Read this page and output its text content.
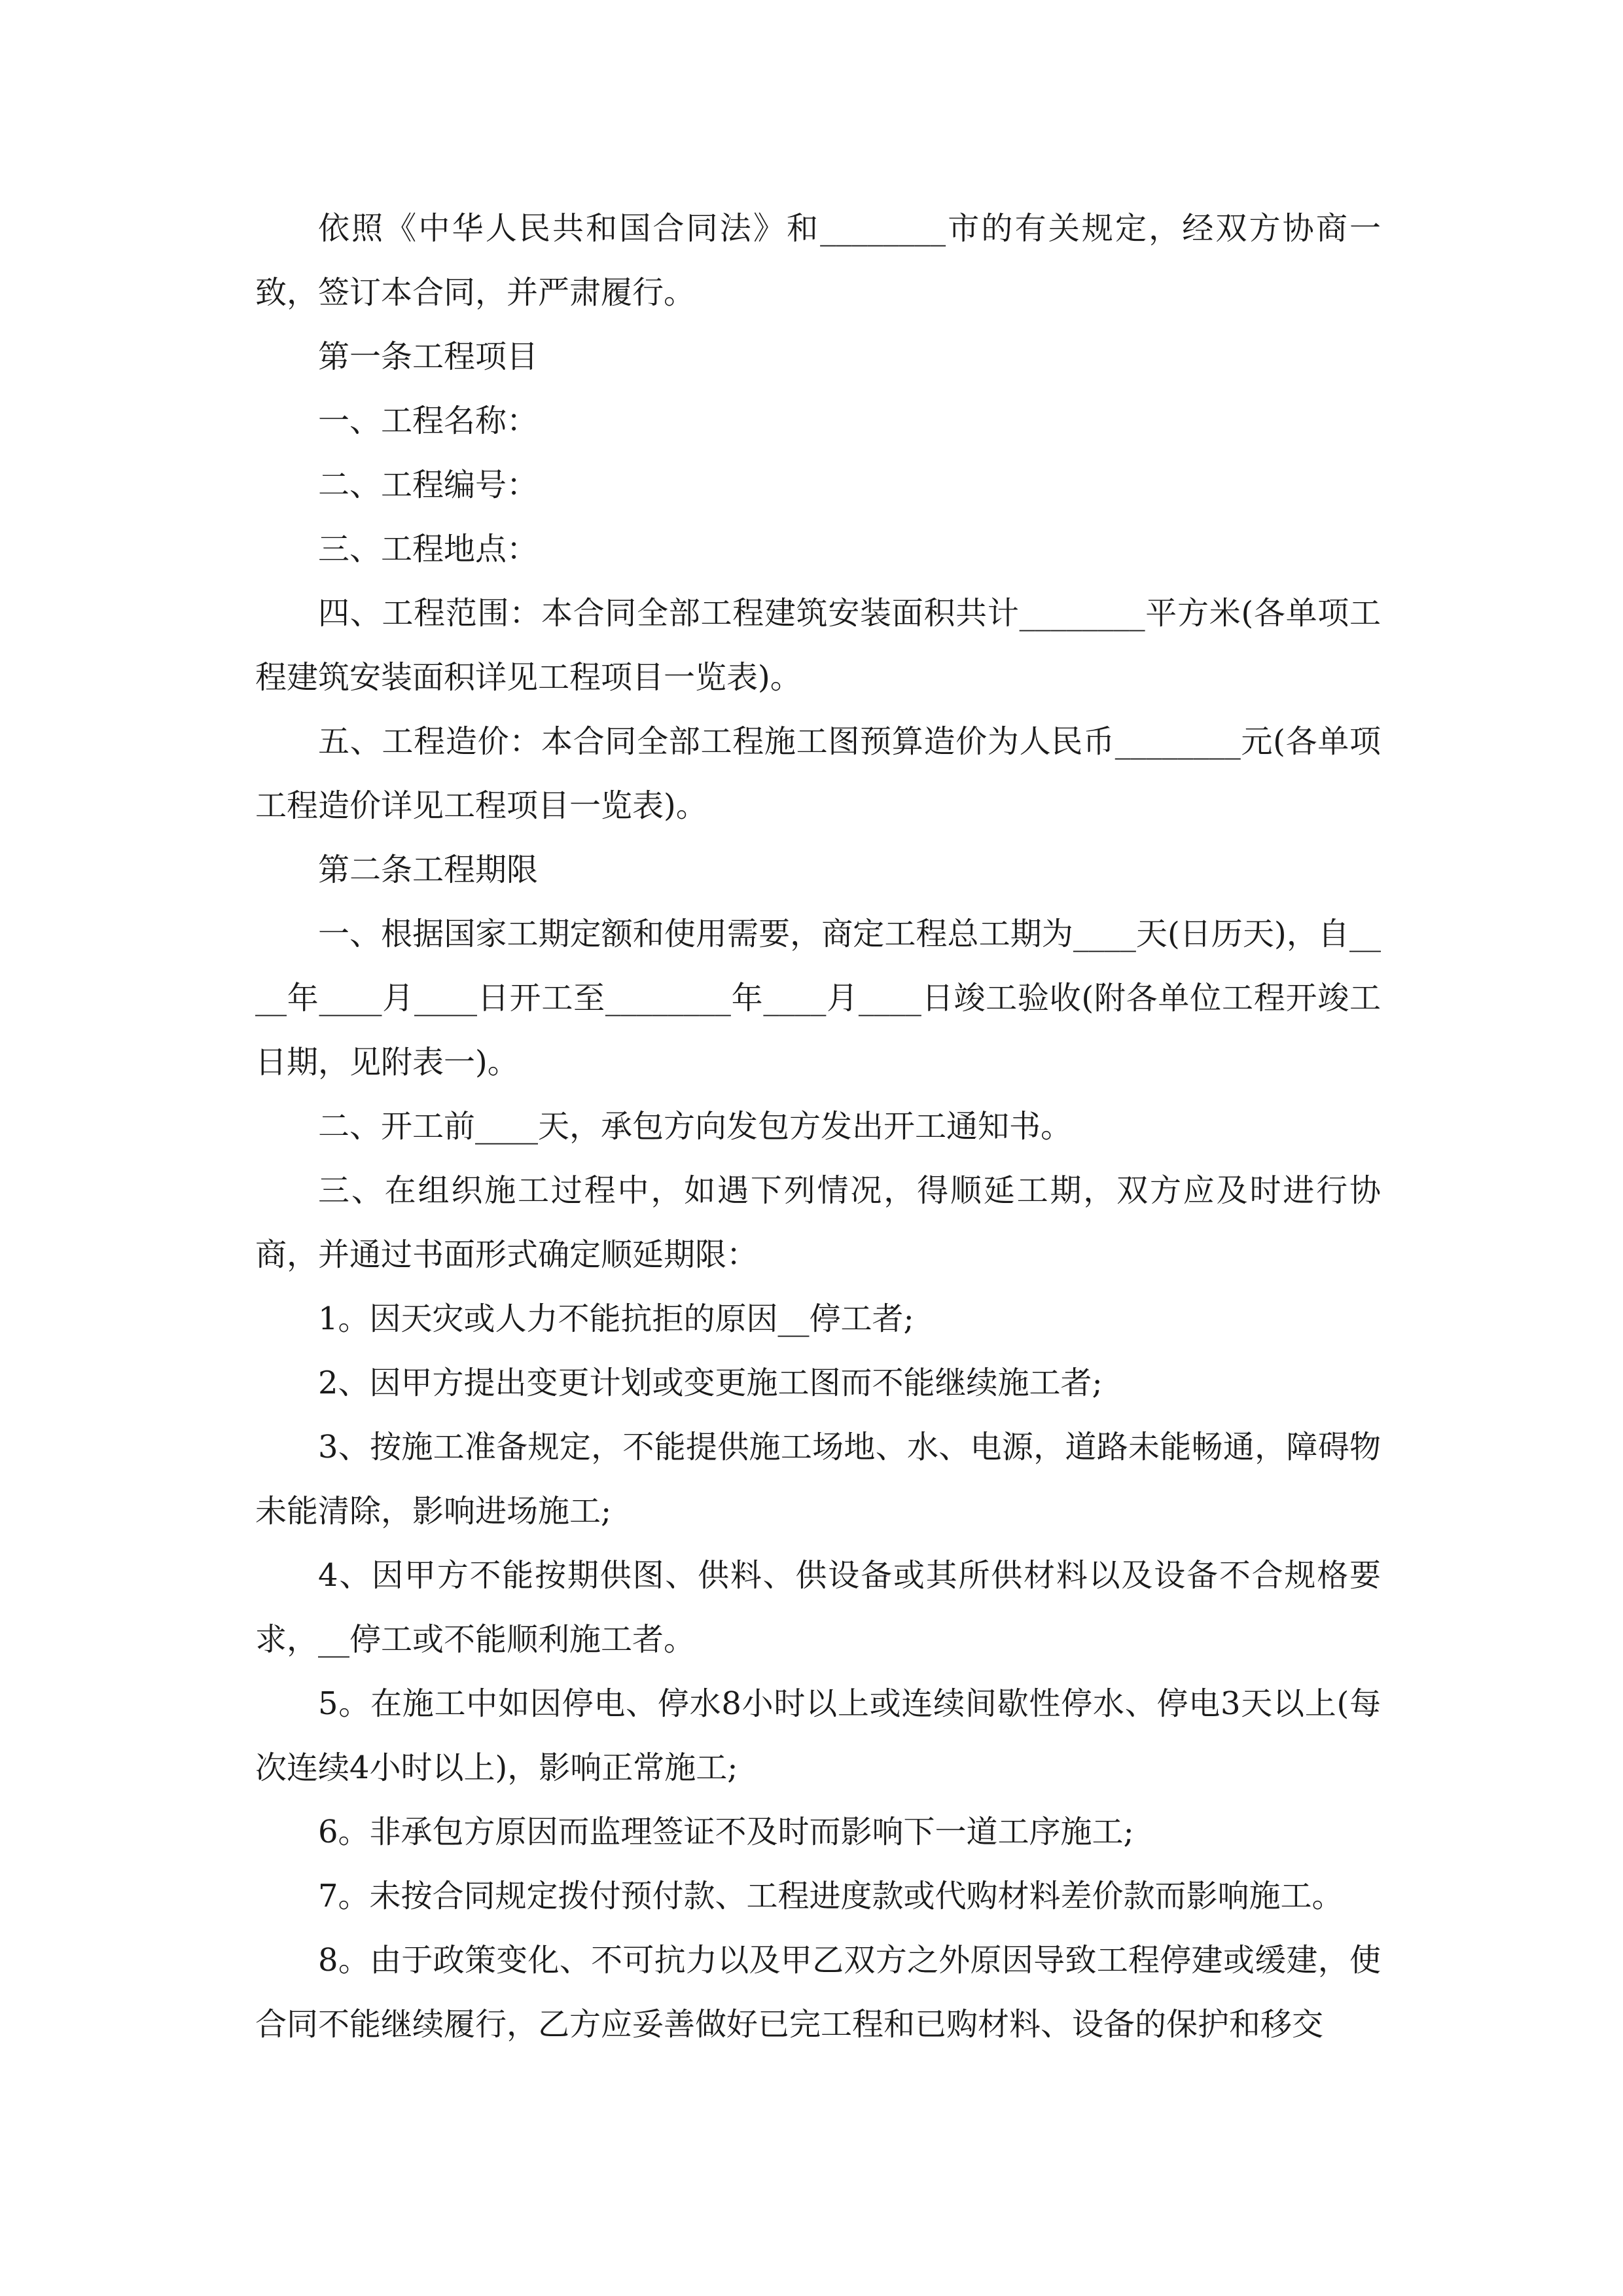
依照《中华人民共和国合同法》和________市的有关规定，经双方协商一致，签订本合同，并严肃履行。

第一条工程项目

一、工程名称：

二、工程编号：

三、工程地点：

四、工程范围：本合同全部工程建筑安装面积共计________平方米(各单项工程建筑安装面积详见工程项目一览表)。

五、工程造价：本合同全部工程施工图预算造价为人民币________元(各单项工程造价详见工程项目一览表)。

第二条工程期限

一、根据国家工期定额和使用需要，商定工程总工期为____天(日历天)，自____年____月____日开工至________年____月____日竣工验收(附各单位工程开竣工日期，见附表一)。

二、开工前____天，承包方向发包方发出开工通知书。

三、在组织施工过程中，如遇下列情况，得顺延工期，双方应及时进行协商，并通过书面形式确定顺延期限：

1。因天灾或人力不能抗拒的原因__停工者;

2、因甲方提出变更计划或变更施工图而不能继续施工者;

3、按施工准备规定，不能提供施工场地、水、电源，道路未能畅通，障碍物未能清除，影响进场施工;

4、因甲方不能按期供图、供料、供设备或其所供材料以及设备不合规格要求，__停工或不能顺利施工者。

5。在施工中如因停电、停水8小时以上或连续间歇性停水、停电3天以上(每次连续4小时以上)，影响正常施工;

6。非承包方原因而监理签证不及时而影响下一道工序施工;

7。未按合同规定拨付预付款、工程进度款或代购材料差价款而影响施工。

8。由于政策变化、不可抗力以及甲乙双方之外原因导致工程停建或缓建，使合同不能继续履行，乙方应妥善做好已完工程和已购材料、设备的保护和移交
